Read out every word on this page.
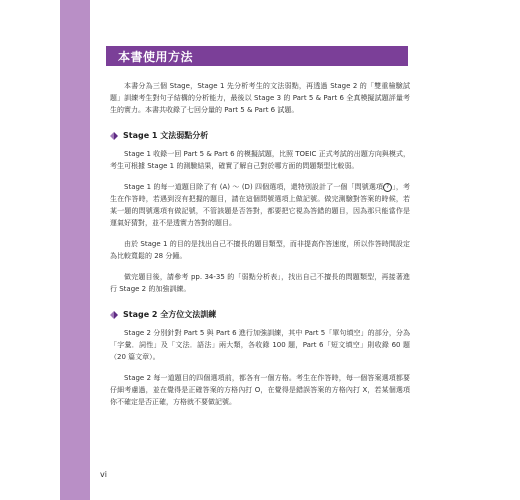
本書使用方法

本書分為三個 Stage，Stage 1 先分析考生的文法弱點，再透過 Stage 2 的「雙重檢驗試題」訓練考生對句子結構的分析能力，最後以 Stage 3 的 Part 5 & Part 6 全真模擬試題評量考生的實力。本書共收錄了七回分量的 Part 5 & Part 6 試題。

Stage 1 文法弱點分析

Stage 1 收錄一回 Part 5 & Part 6 的模擬試題，比照 TOEIC 正式考試的出題方向與模式，考生可根據 Stage 1 的測驗結果，確實了解自己對於哪方面的問題類型比較弱。

Stage 1 的每一道題目除了有 (A) ～ (D) 四個選項，還特別設計了一個「問號選項 ? 」，考生在作答時，若遇到沒有把握的題目，請在這個問號選項上做記號。做完測驗對答案的時候，若某一題的問號選項有做記號，不管該題是否答對，都要把它視為答錯的題目，因為那只能當作是運氣好猜對，並不是透實力答對的題目。

由於 Stage 1 的目的是找出自己不擅長的題目類型，而非提高作答速度，所以作答時間設定為比較寬鬆的 28 分鐘。

做完題目後，請參考 pp. 34-35 的「弱點分析表」，找出自己不擅長的問題類型，再接著進行 Stage 2 的加強訓練。

Stage 2 全方位文法訓練

Stage 2 分別針對 Part 5 與 Part 6 進行加強訓練，其中 Part 5「單句填空」的部分，分為「字彙．詞性」及「文法．語法」兩大類，各收錄 100 題，Part 6「短文填空」則收錄 60 題（20 篇文章）。

Stage 2 每一道題目的四個選項前，都各有一個方格。考生在作答時，每一個答案選項都要仔細考慮過，並在覺得是正確答案的方格內打 O，在覺得是錯誤答案的方格內打 X，若某個選項你不確定是否正確，方格就不要做記號。

vi
